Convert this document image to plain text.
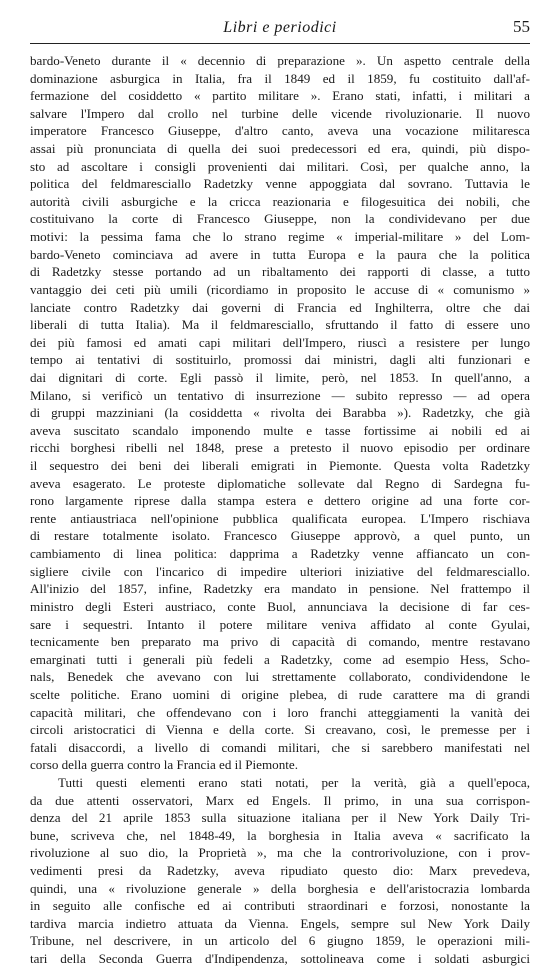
Libri e periodici	55
bardo-Veneto durante il « decennio di preparazione ». Un aspetto centrale della
dominazione asburgica in Italia, fra il 1849 ed il 1859, fu costituito dall'af-
fermazione del cosiddetto « partito militare ». Erano stati, infatti, i militari a
salvare l'Impero dal crollo nel turbine delle vicende rivoluzionarie. Il nuovo
imperatore Francesco Giuseppe, d'altro canto, aveva una vocazione militaresca
assai più pronunciata di quella dei suoi predecessori ed era, quindi, più dispo-
sto ad ascoltare i consigli provenienti dai militari. Così, per qualche anno, la
politica del feldmaresciallo Radetzky venne appoggiata dal sovrano. Tuttavia le
autorità civili asburgiche e la cricca reazionaria e filogesuitica dei nobili, che
costituivano la corte di Francesco Giuseppe, non la condividevano per due
motivi: la pessima fama che lo strano regime « imperial-militare » del Lom-
bardo-Veneto cominciava ad avere in tutta Europa e la paura che la politica
di Radetzky stesse portando ad un ribaltamento dei rapporti di classe, a tutto
vantaggio dei ceti più umili (ricordiamo in proposito le accuse di « comunismo »
lanciate contro Radetzky dai governi di Francia ed Inghilterra, oltre che dai
liberali di tutta Italia). Ma il feldmaresciallo, sfruttando il fatto di essere uno
dei più famosi ed amati capi militari dell'Impero, riuscì a resistere per lungo
tempo ai tentativi di sostituirlo, promossi dai ministri, dagli alti funzionari e
dai dignitari di corte. Egli passò il limite, però, nel 1853. In quell'anno, a
Milano, si verificò un tentativo di insurrezione — subito represso — ad opera
di gruppi mazziniani (la cosiddetta « rivolta dei Barabba »). Radetzky, che già
aveva suscitato scandalo imponendo multe e tasse fortissime ai nobili ed ai
ricchi borghesi ribelli nel 1848, prese a pretesto il nuovo episodio per ordinare
il sequestro dei beni dei liberali emigrati in Piemonte. Questa volta Radetzky
aveva esagerato. Le proteste diplomatiche sollevate dal Regno di Sardegna fu-
rono largamente riprese dalla stampa estera e dettero origine ad una forte cor-
rente antiaustriaca nell'opinione pubblica qualificata europea. L'Impero rischiava
di restare totalmente isolato. Francesco Giuseppe approvò, a quel punto, un
cambiamento di linea politica: dapprima a Radetzky venne affiancato un con-
sigliere civile con l'incarico di impedire ulteriori iniziative del feldmaresciallo.
All'inizio del 1857, infine, Radetzky era mandato in pensione. Nel frattempo il
ministro degli Esteri austriaco, conte Buol, annunciava la decisione di far ces-
sare i sequestri. Intanto il potere militare veniva affidato al conte Gyulai,
tecnicamente ben preparato ma privo di capacità di comando, mentre restavano
emarginati tutti i generali più fedeli a Radetzky, come ad esempio Hess, Scho-
nals, Benedek che avevano con lui strettamente collaborato, condividendone le
scelte politiche. Erano uomini di origine plebea, di rude carattere ma di grandi
capacità militari, che offendevano con i loro franchi atteggiamenti la vanità dei
circoli aristocratici di Vienna e della corte. Si creavano, così, le premesse per i
fatali disaccordi, a livello di comandi militari, che si sarebbero manifestati nel
corso della guerra contro la Francia ed il Piemonte.
Tutti questi elementi erano stati notati, per la verità, già a quell'epoca,
da due attenti osservatori, Marx ed Engels. Il primo, in una sua corrispon-
denza del 21 aprile 1853 sulla situazione italiana per il New York Daily Tri-
bune, scriveva che, nel 1848-49, la borghesia in Italia aveva « sacrificato la
rivoluzione al suo dio, la Proprietà », ma che la controrivoluzione, con i prov-
vedimenti presi da Radetzky, aveva ripudiato questo dio: Marx prevedeva,
quindi, una « rivoluzione generale » della borghesia e dell'aristocrazia lombarda
in seguito alle confische ed ai contributi straordinari e forzosi, nonostante la
tardiva marcia indietro attuata da Vienna. Engels, sempre sul New York Daily
Tribune, nel descrivere, in un articolo del 6 giugno 1859, le operazioni mili-
tari della Seconda Guerra d'Indipendenza, sottolineava come i soldati asburgici
